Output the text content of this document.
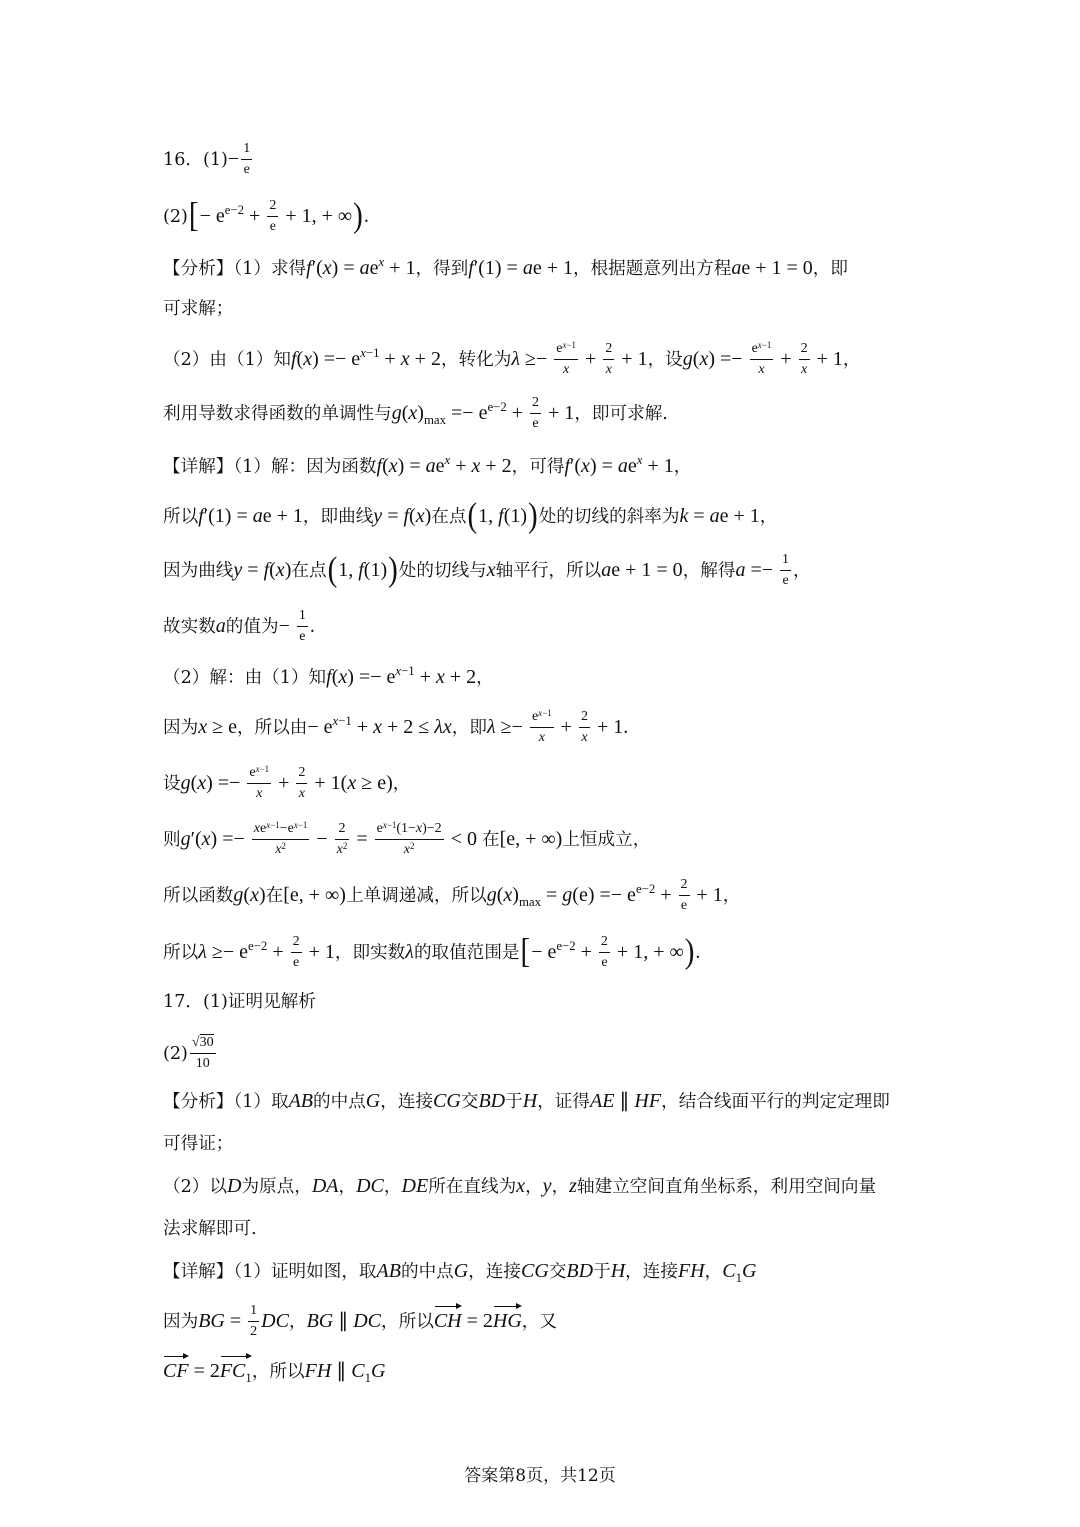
16．$(1)- \frac{1}{e}$
$(2)[- e^{e-2} + \frac{2}{e} + 1$, + ∞).
【分析】（1）求得$f'(x) = ae^x + 1$，得到f′(1) = ae + 1，根据题意列出方程ae + 1 = 0，即
可求解；
（2）由（1）知$f(x) =- e^{x-1} + x + 2$，转化为$\lambda \ge- \frac{e^{x-1}}{x} + \frac{2}{x} + 1$，设$g(x) =- \frac{e^{x-1}}{x} + \frac{2}{x} + 1$，
利用导数求得函数的单调性与$g(x)_{max} =- e^{e-2} + \frac{2}{e} + 1$，即可求解.
【详解】（1）解：因为函数$f(x) = ae^x + x + 2$，可得$f'(x) = ae^x + 1$，
所以f′(1) = ae + 1，即曲线y = f(x)在点(1, f(1))处的切线的斜率为k = ae + 1，
因为曲线y = f(x)在点(1, f(1))处的切线与x轴平行，所以ae + 1 = 0，解得$a =- \frac{1}{e}$ ，
故实数a的值为− $\frac{1}{e}$ .
（2）解：由（1）知$f(x) =- e^{x-1} + x + 2$，
因为x ≥ e，所以由− $e^{x-1} + x + 2 \le \lambda x$，即$\lambda \ge- \frac{e^{x-1}}{x} + \frac{2}{x} + 1$.
设$g(x) =- \frac{e^{x-1}}{x} + \frac{2}{x} + 1(x \ge e)$，
则$g'(x) =- \frac{xe^{x-1}-e^{x-1}}{x^2} - \frac{2}{x^2} = \frac{e^{x-1}(1-x)-2}{x^2} < 0$ 在[e, + ∞)上恒成立，
所以函数g(x)在[e, + ∞)上单调递减，所以$g(x)_{max} = g(e) =- e^{e-2} + \frac{2}{e} + 1$，
所以$\lambda \ge- e^{e-2} + \frac{2}{e} + 1$，即实数λ的取值范围是[− $e^{e-2} + \frac{2}{e} + 1$, + ∞).
17．(1)证明见解析
$(2) \frac{√30}{10}$
【分析】（1）取AB的中点G，连接CG交BD于H，证得AE ∥ HF，结合线面平行的判定定理即
可得证；
（2）以D为原点，DA，DC，DE所在直线为x，y，z轴建立空间直角坐标系，利用空间向量
法求解即可.
【详解】（1）证明如图，取AB的中点G，连接CG交BD于H，连接FH，$C_1G$
因为BG = $\frac{1}{2}$ DC，BG ∥ DC，所以CH = 2HG，又
CF = $2FC_1$，所以FH ∥ $C_1G$
答案第8页，共12页
